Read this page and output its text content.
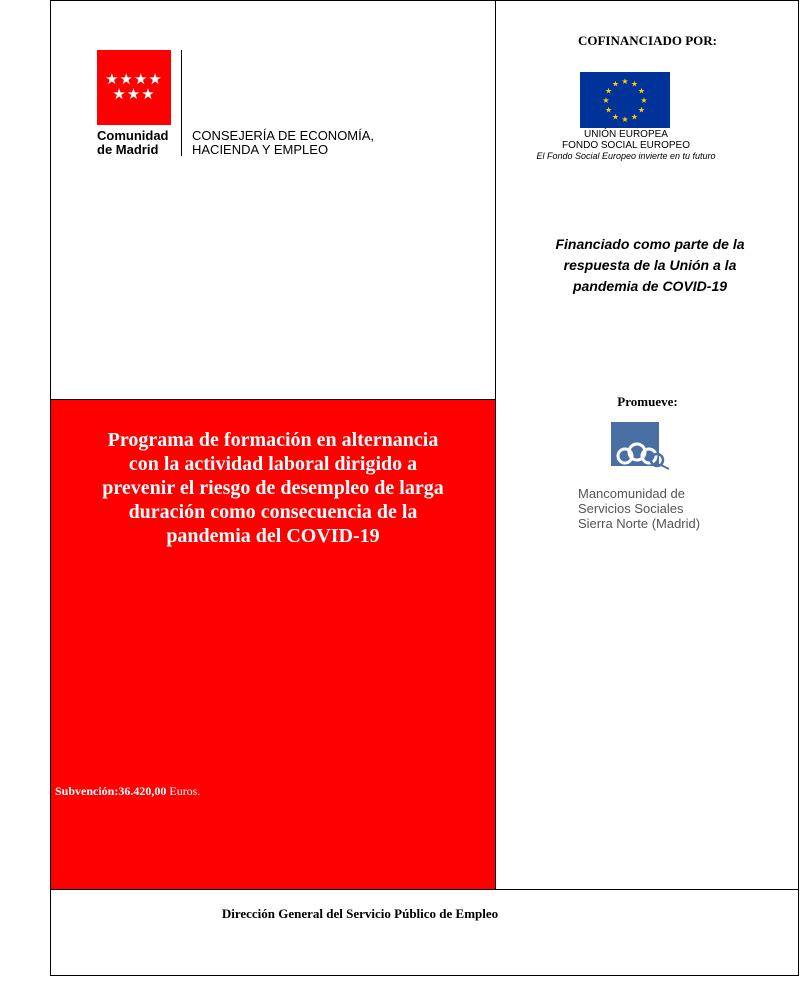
★★★★
★★★
Comunidad
de Madrid
CONSEJERÍA DE ECONOMÍA,
HACIENDA Y EMPLEO
COFINANCIADO POR:
★ ★
★
★
★
★
★
★
★
★
★
★
UNIÓN EUROPEA
FONDO SOCIAL EUROPEO
El Fondo Social Europeo invierte en tu futuro
Financiado como parte de la
respuesta de la Unión a la
pandemia de COVID-19
Promueve:
Mancomunidad de
Servicios Sociales
Sierra Norte (Madrid)
Programa de formación en alternancia
con la actividad laboral dirigido a
prevenir el riesgo de desempleo de larga
duración como consecuencia de la
pandemia del COVID-19
Subvención:36.420,00 Euros.
Dirección General del Servicio Público de Empleo
